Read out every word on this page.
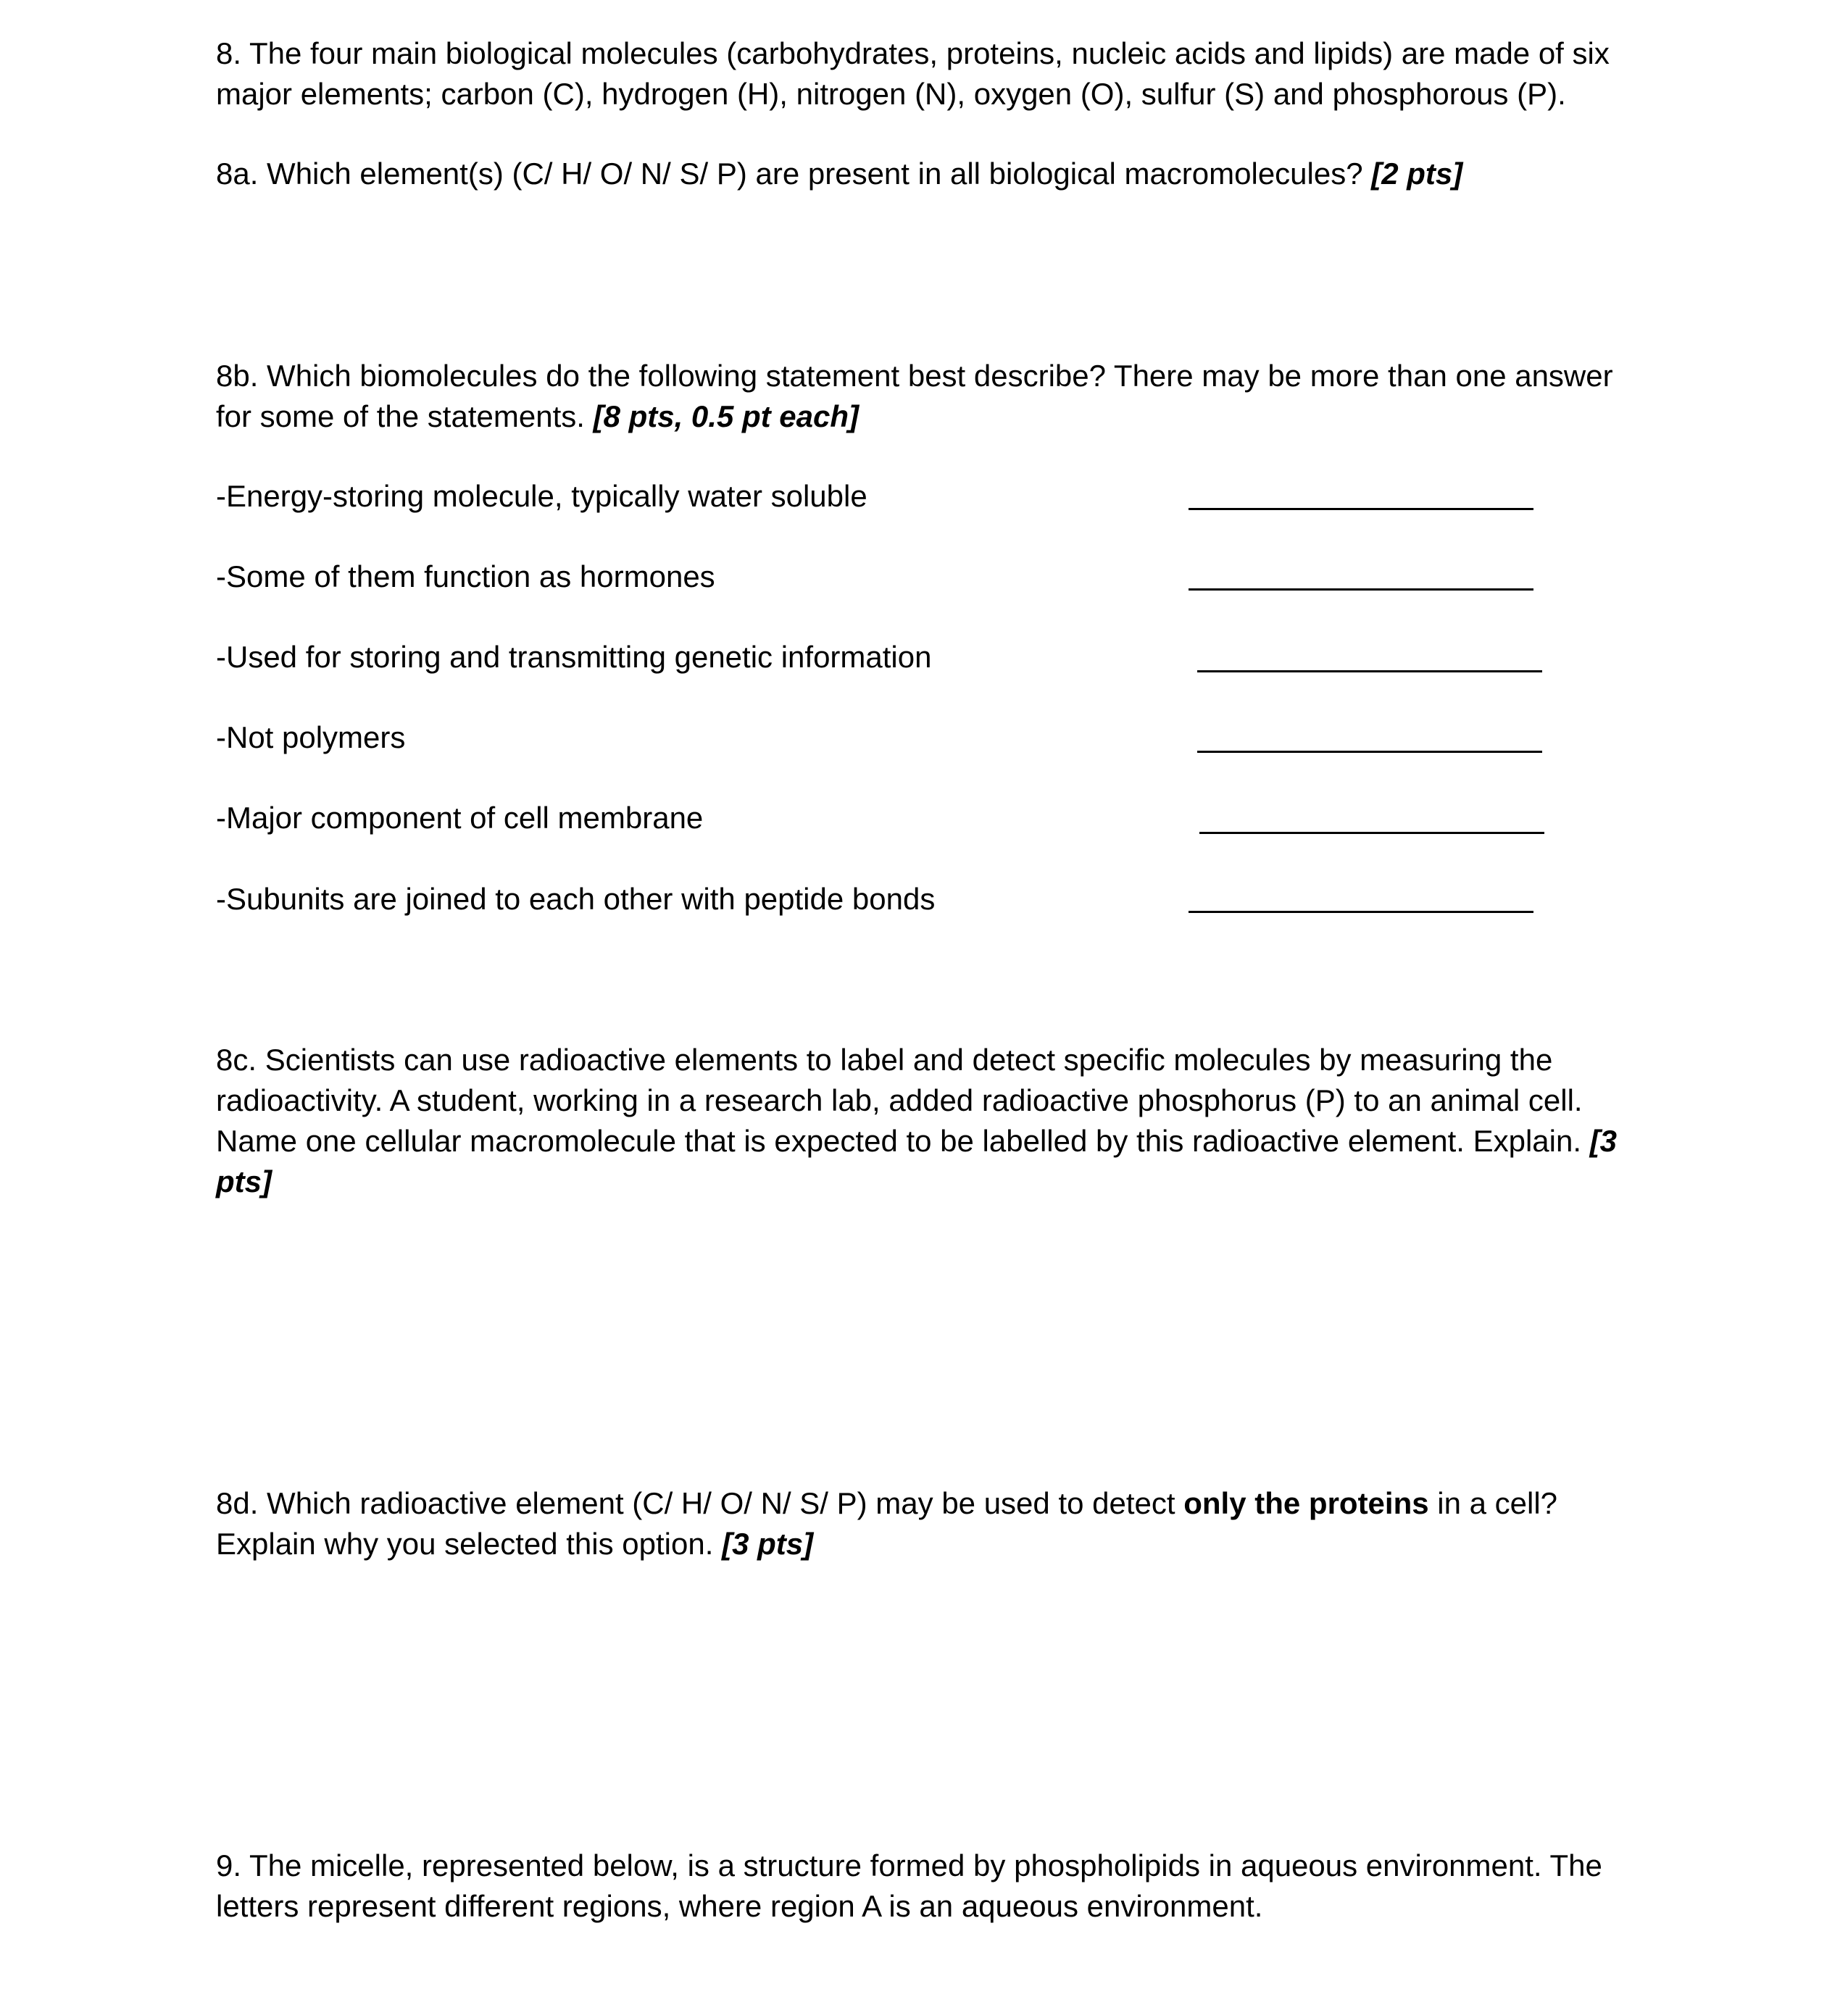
8. The four main biological molecules (carbohydrates, proteins, nucleic acids and lipids) are made of six
major elements; carbon (C), hydrogen (H), nitrogen (N), oxygen (O), sulfur (S) and phosphorous (P).

8a. Which element(s) (C/ H/ O/ N/ S/ P) are present in all biological macromolecules? [2 pts]

8b. Which biomolecules do the following statement best describe? There may be more than one answer
for some of the statements. [8 pts, 0.5 pt each]

-Energy-storing molecule, typically water soluble

-Some of them function as hormones

-Used for storing and transmitting genetic information

-Not polymers

-Major component of cell membrane

-Subunits are joined to each other with peptide bonds

8c. Scientists can use radioactive elements to label and detect specific molecules by measuring the
radioactivity. A student, working in a research lab, added radioactive phosphorus (P) to an animal cell.
Name one cellular macromolecule that is expected to be labelled by this radioactive element. Explain. [3
pts]

8d. Which radioactive element (C/ H/ O/ N/ S/ P) may be used to detect only the proteins in a cell?
Explain why you selected this option. [3 pts]

9. The micelle, represented below, is a structure formed by phospholipids in aqueous environment. The
letters represent different regions, where region A is an aqueous environment.
